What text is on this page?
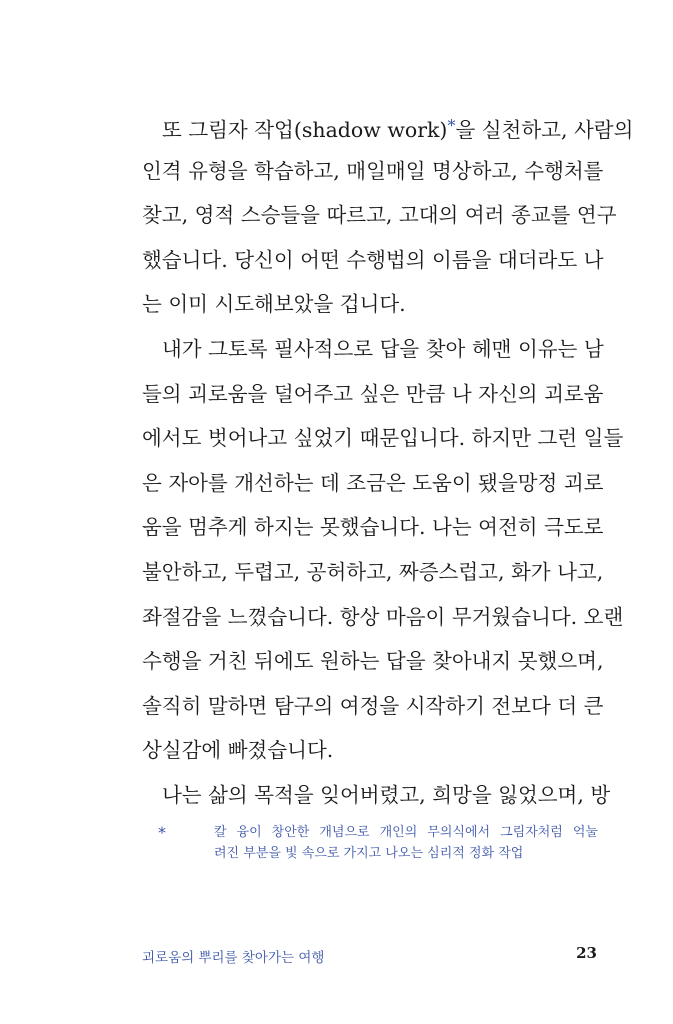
또 그림자 작업(shadow work)*을 실천하고, 사람의
인격 유형을 학습하고, 매일매일 명상하고, 수행처를
찾고, 영적 스승들을 따르고, 고대의 여러 종교를 연구
했습니다. 당신이 어떤 수행법의 이름을 대더라도 나
는 이미 시도해보았을 겁니다.
내가 그토록 필사적으로 답을 찾아 헤맨 이유는 남
들의 괴로움을 덜어주고 싶은 만큼 나 자신의 괴로움
에서도 벗어나고 싶었기 때문입니다. 하지만 그런 일들
은 자아를 개선하는 데 조금은 도움이 됐을망정 괴로
움을 멈추게 하지는 못했습니다. 나는 여전히 극도로
불안하고, 두렵고, 공허하고, 짜증스럽고, 화가 나고,
좌절감을 느꼈습니다. 항상 마음이 무거웠습니다. 오랜
수행을 거친 뒤에도 원하는 답을 찾아내지 못했으며,
솔직히 말하면 탐구의 여정을 시작하기 전보다 더 큰
상실감에 빠졌습니다.
나는 삶의 목적을 잊어버렸고, 희망을 잃었으며, 방
*	칼 융이 창안한 개념으로 개인의 무의식에서 그림자처럼 억눌
려진 부분을 빛 속으로 가지고 나오는 심리적 정화 작업
괴로움의 뿌리를 찾아가는 여행	23
